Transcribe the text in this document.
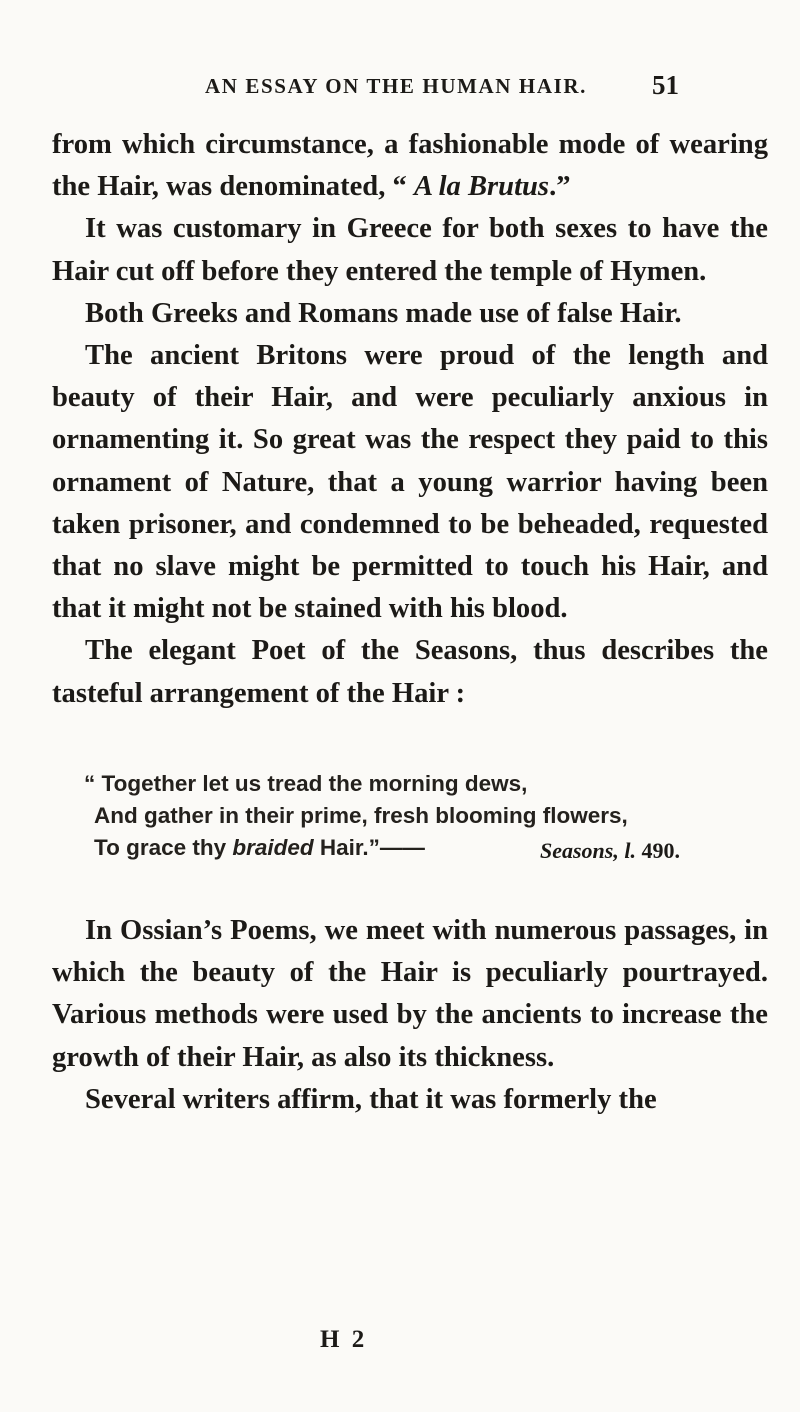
AN ESSAY ON THE HUMAN HAIR. 51

from which circumstance, a fashionable mode of wearing the Hair, was denominated, “ A la Brutus.”

It was customary in Greece for both sexes to have the Hair cut off before they entered the temple of Hymen.

Both Greeks and Romans made use of false Hair.

The ancient Britons were proud of the length and beauty of their Hair, and were peculiarly anxious in ornamenting it. So great was the respect they paid to this ornament of Nature, that a young warrior having been taken prisoner, and condemned to be beheaded, requested that no slave might be permitted to touch his Hair, and that it might not be stained with his blood.

The elegant Poet of the Seasons, thus describes the tasteful arrangement of the Hair :

“ Together let us tread the morning dews,

And gather in their prime, fresh blooming flowers,

To grace thy braided Hair.”——	Seasons, l. 490.

In Ossian’s Poems, we meet with numerous passages, in which the beauty of the Hair is peculiarly pourtrayed. Various methods were used by the ancients to increase the growth of their Hair, as also its thickness.

Several writers affirm, that it was formerly the

H 2
